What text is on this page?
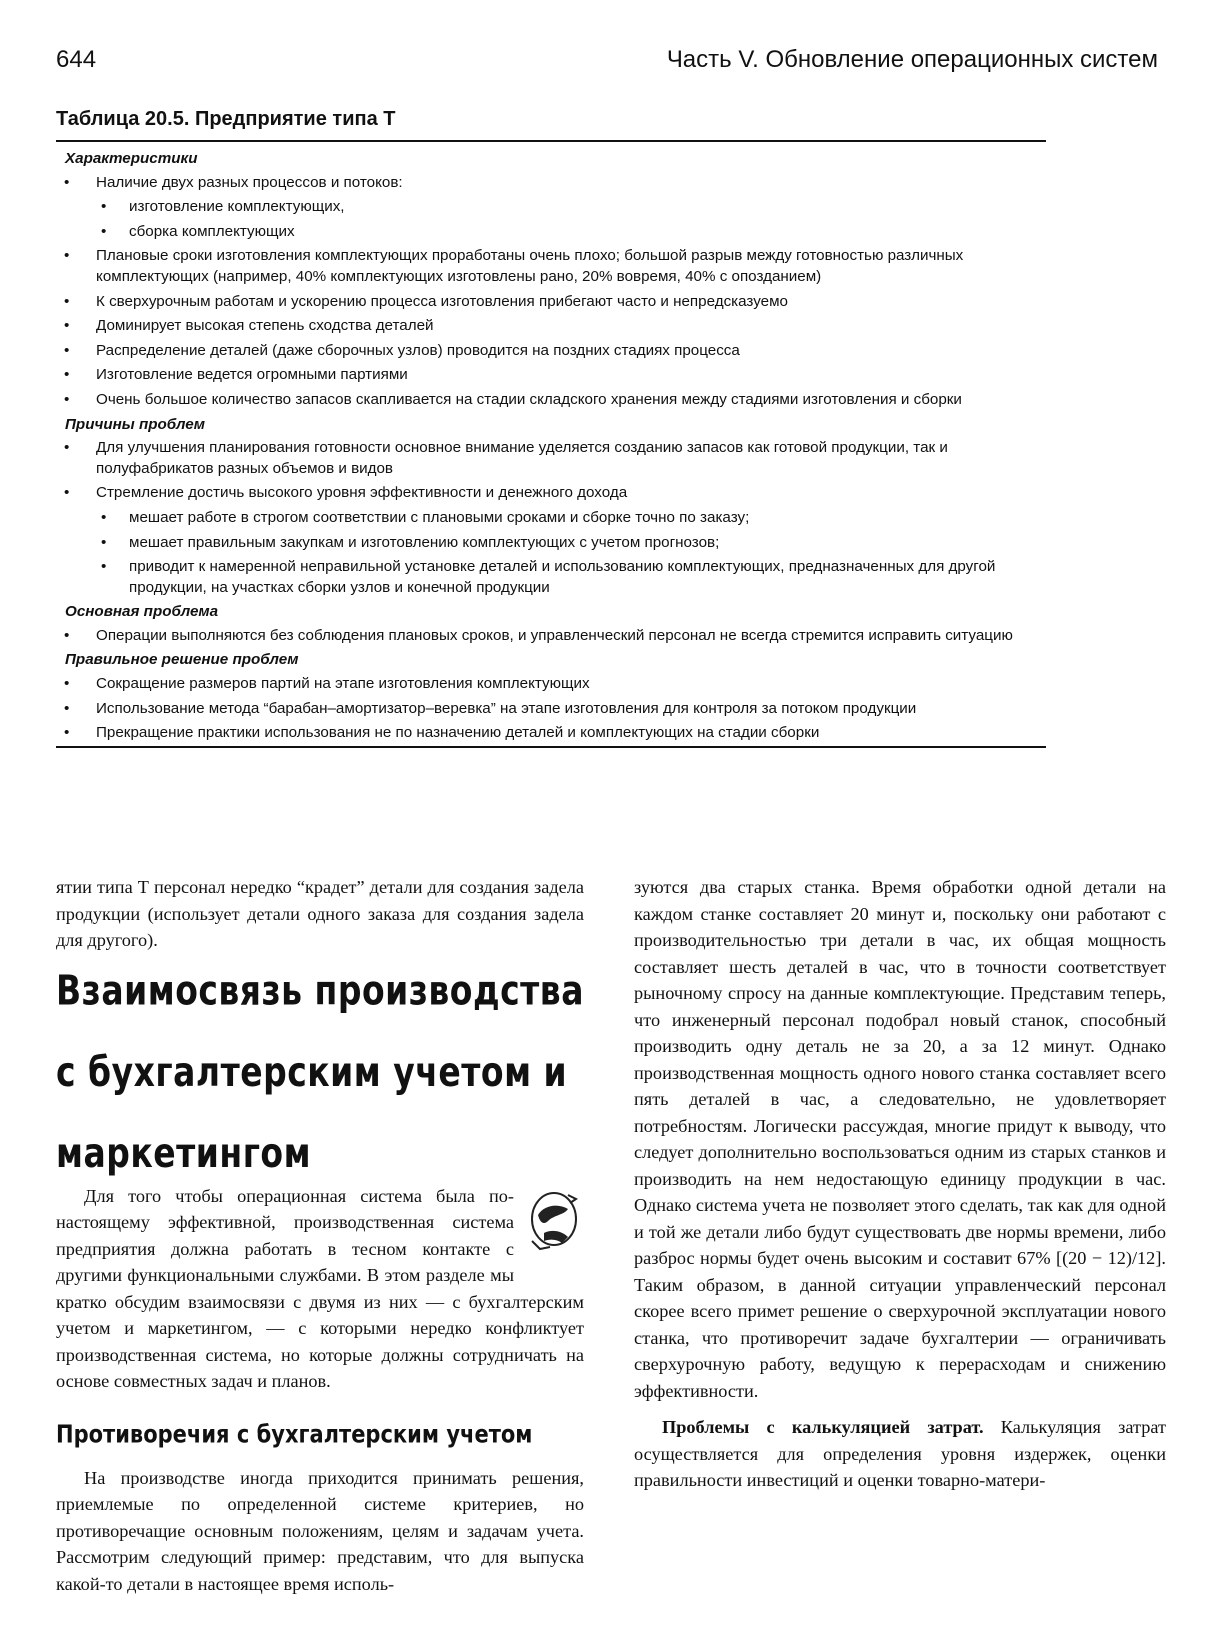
644	Часть V. Обновление операционных систем
Таблица 20.5. Предприятие типа Т
Характеристики
• Наличие двух разных процессов и потоков:
• изготовление комплектующих,
• сборка комплектующих
• Плановые сроки изготовления комплектующих проработаны очень плохо; большой разрыв между готовностью различных комплектующих (например, 40% комплектующих изготовлены рано, 20% вовремя, 40% с опозданием)
• К сверхурочным работам и ускорению процесса изготовления прибегают часто и непредсказуемо
• Доминирует высокая степень сходства деталей
• Распределение деталей (даже сборочных узлов) проводится на поздних стадиях процесса
• Изготовление ведется огромными партиями
• Очень большое количество запасов скапливается на стадии складского хранения между стадиями изготовления и сборки
Причины проблем
• Для улучшения планирования готовности основное внимание уделяется созданию запасов как готовой продукции, так и полуфабрикатов разных объемов и видов
• Стремление достичь высокого уровня эффективности и денежного дохода
• мешает работе в строгом соответствии с плановыми сроками и сборке точно по заказу;
• мешает правильным закупкам и изготовлению комплектующих с учетом прогнозов;
• приводит к намеренной неправильной установке деталей и использованию комплектующих, предназначенных для другой продукции, на участках сборки узлов и конечной продукции
Основная проблема
• Операции выполняются без соблюдения плановых сроков, и управленческий персонал не всегда стремится исправить ситуацию
Правильное решение проблем
• Сокращение размеров партий на этапе изготовления комплектующих
• Использование метода “барабан–амортизатор–веревка” на этапе изготовления для контроля за потоком продукции
• Прекращение практики использования не по назначению деталей и комплектующих на стадии сборки

ятии типа Т персонал нередко “крадет” детали для создания задела продукции (использует детали одного заказа для создания задела для другого).

Взаимосвязь производства с бухгалтерским учетом и маркетингом

Для того чтобы операционная система была по-настоящему эффективной, производственная система предприятия должна работать в тесном контакте с другими функциональными службами. В этом разделе мы кратко обсудим взаимосвязи с двумя из них — с бухгалтерским учетом и маркетингом, — с которыми нередко конфликтует производственная система, но которые должны сотрудничать на основе совместных задач и планов.

Противоречия с бухгалтерским учетом

На производстве иногда приходится принимать решения, приемлемые по определенной системе критериев, но противоречащие основным положениям, целям и задачам учета. Рассмотрим следующий пример: представим, что для выпуска какой-то детали в настоящее время исполь-

зуются два старых станка. Время обработки одной детали на каждом станке составляет 20 минут и, поскольку они работают с производительностью три детали в час, их общая мощность составляет шесть деталей в час, что в точности соответствует рыночному спросу на данные комплектующие. Представим теперь, что инженерный персонал подобрал новый станок, способный производить одну деталь не за 20, а за 12 минут. Однако производственная мощность одного нового станка составляет всего пять деталей в час, а следовательно, не удовлетворяет потребностям. Логически рассуждая, многие придут к выводу, что следует дополнительно воспользоваться одним из старых станков и производить на нем недостающую единицу продукции в час. Однако система учета не позволяет этого сделать, так как для одной и той же детали либо будут существовать две нормы времени, либо разброс нормы будет очень высоким и составит 67% [(20 − 12)/12]. Таким образом, в данной ситуации управленческий персонал скорее всего примет решение о сверхурочной эксплуатации нового станка, что противоречит задаче бухгалтерии — ограничивать сверхурочную работу, ведущую к перерасходам и снижению эффективности.

Проблемы с калькуляцией затрат. Калькуляция затрат осуществляется для определения уровня издержек, оценки правильности инвестиций и оценки товарно-матери-
